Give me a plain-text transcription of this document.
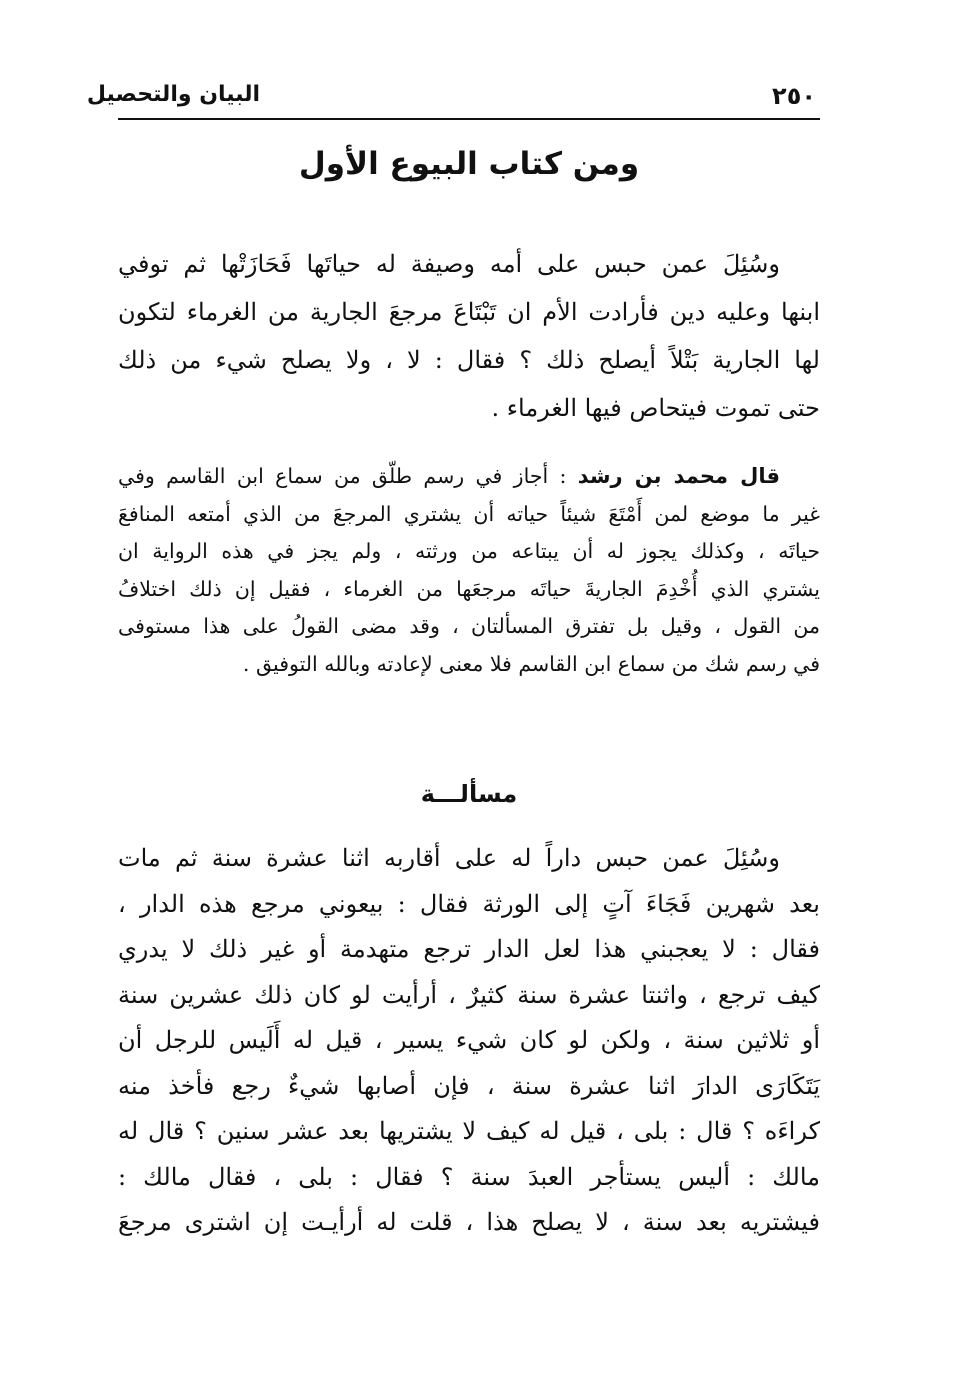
البيان والتحصيل	٢٥٠
ومن كتاب البيوع الأول
وسُئِلَ عمن حبس على أمه وصيفة له حياتَها فَحَازَتْها ثم توفي
ابنها وعليه دين فأرادت الأم ان تَبْتَاعَ مرجعَ الجارية من الغرماء لتكون
لها الجارية بَتْلاً أيصلح ذلك ؟ فقال : لا ، ولا يصلح شيء من ذلك
حتى تموت فيتحاص فيها الغرماء .
قال محمد بن رشد : أجاز في رسم طلّق من سماع ابن القاسم وفي
غير ما موضع لمن أَمْتَعَ شيئاً حياته أن يشتري المرجعَ من الذي أمتعه المنافعَ
حياتَه ، وكذلك يجوز له أن يبتاعه من ورثته ، ولم يجز في هذه الرواية ان
يشتري الذي أُخْدِمَ الجاريةَ حياتَه مرجعَها من الغرماء ، فقيل إن ذلك اختلافُ
من القول ، وقيل بل تفترق المسألتان ، وقد مضى القولُ على هذا مستوفى
في رسم شك من سماع ابن القاسم فلا معنى لإعادته وبالله التوفيق .
مسألـــة
وسُئِلَ عمن حبس داراً له على أقاربه اثنا عشرة سنة ثم مات
بعد شهرين فَجَاءَ آتٍ إلى الورثة فقال : بيعوني مرجع هذه الدار ،
فقال : لا يعجبني هذا لعل الدار ترجع متهدمة أو غير ذلك لا يدري
كيف ترجع ، واثنتا عشرة سنة كثيرٌ ، أرأيت لو كان ذلك عشرين سنة
أو ثلاثين سنة ، ولكن لو كان شيء يسير ، قيل له أَلَيس للرجل أن
يَتَكَارَى الدارَ اثنا عشرة سنة ، فإن أصابها شيءٌ رجع فأخذ منه
كراءَه ؟ قال : بلى ، قيل له كيف لا يشتريها بعد عشر سنين ؟ قال له
مالك : أليس يستأجر العبدَ سنة ؟ فقال : بلى ، فقال مالك :
فيشتريه بعد سنة ، لا يصلح هذا ، قلت له أرأيـت إن اشترى مرجعَ
